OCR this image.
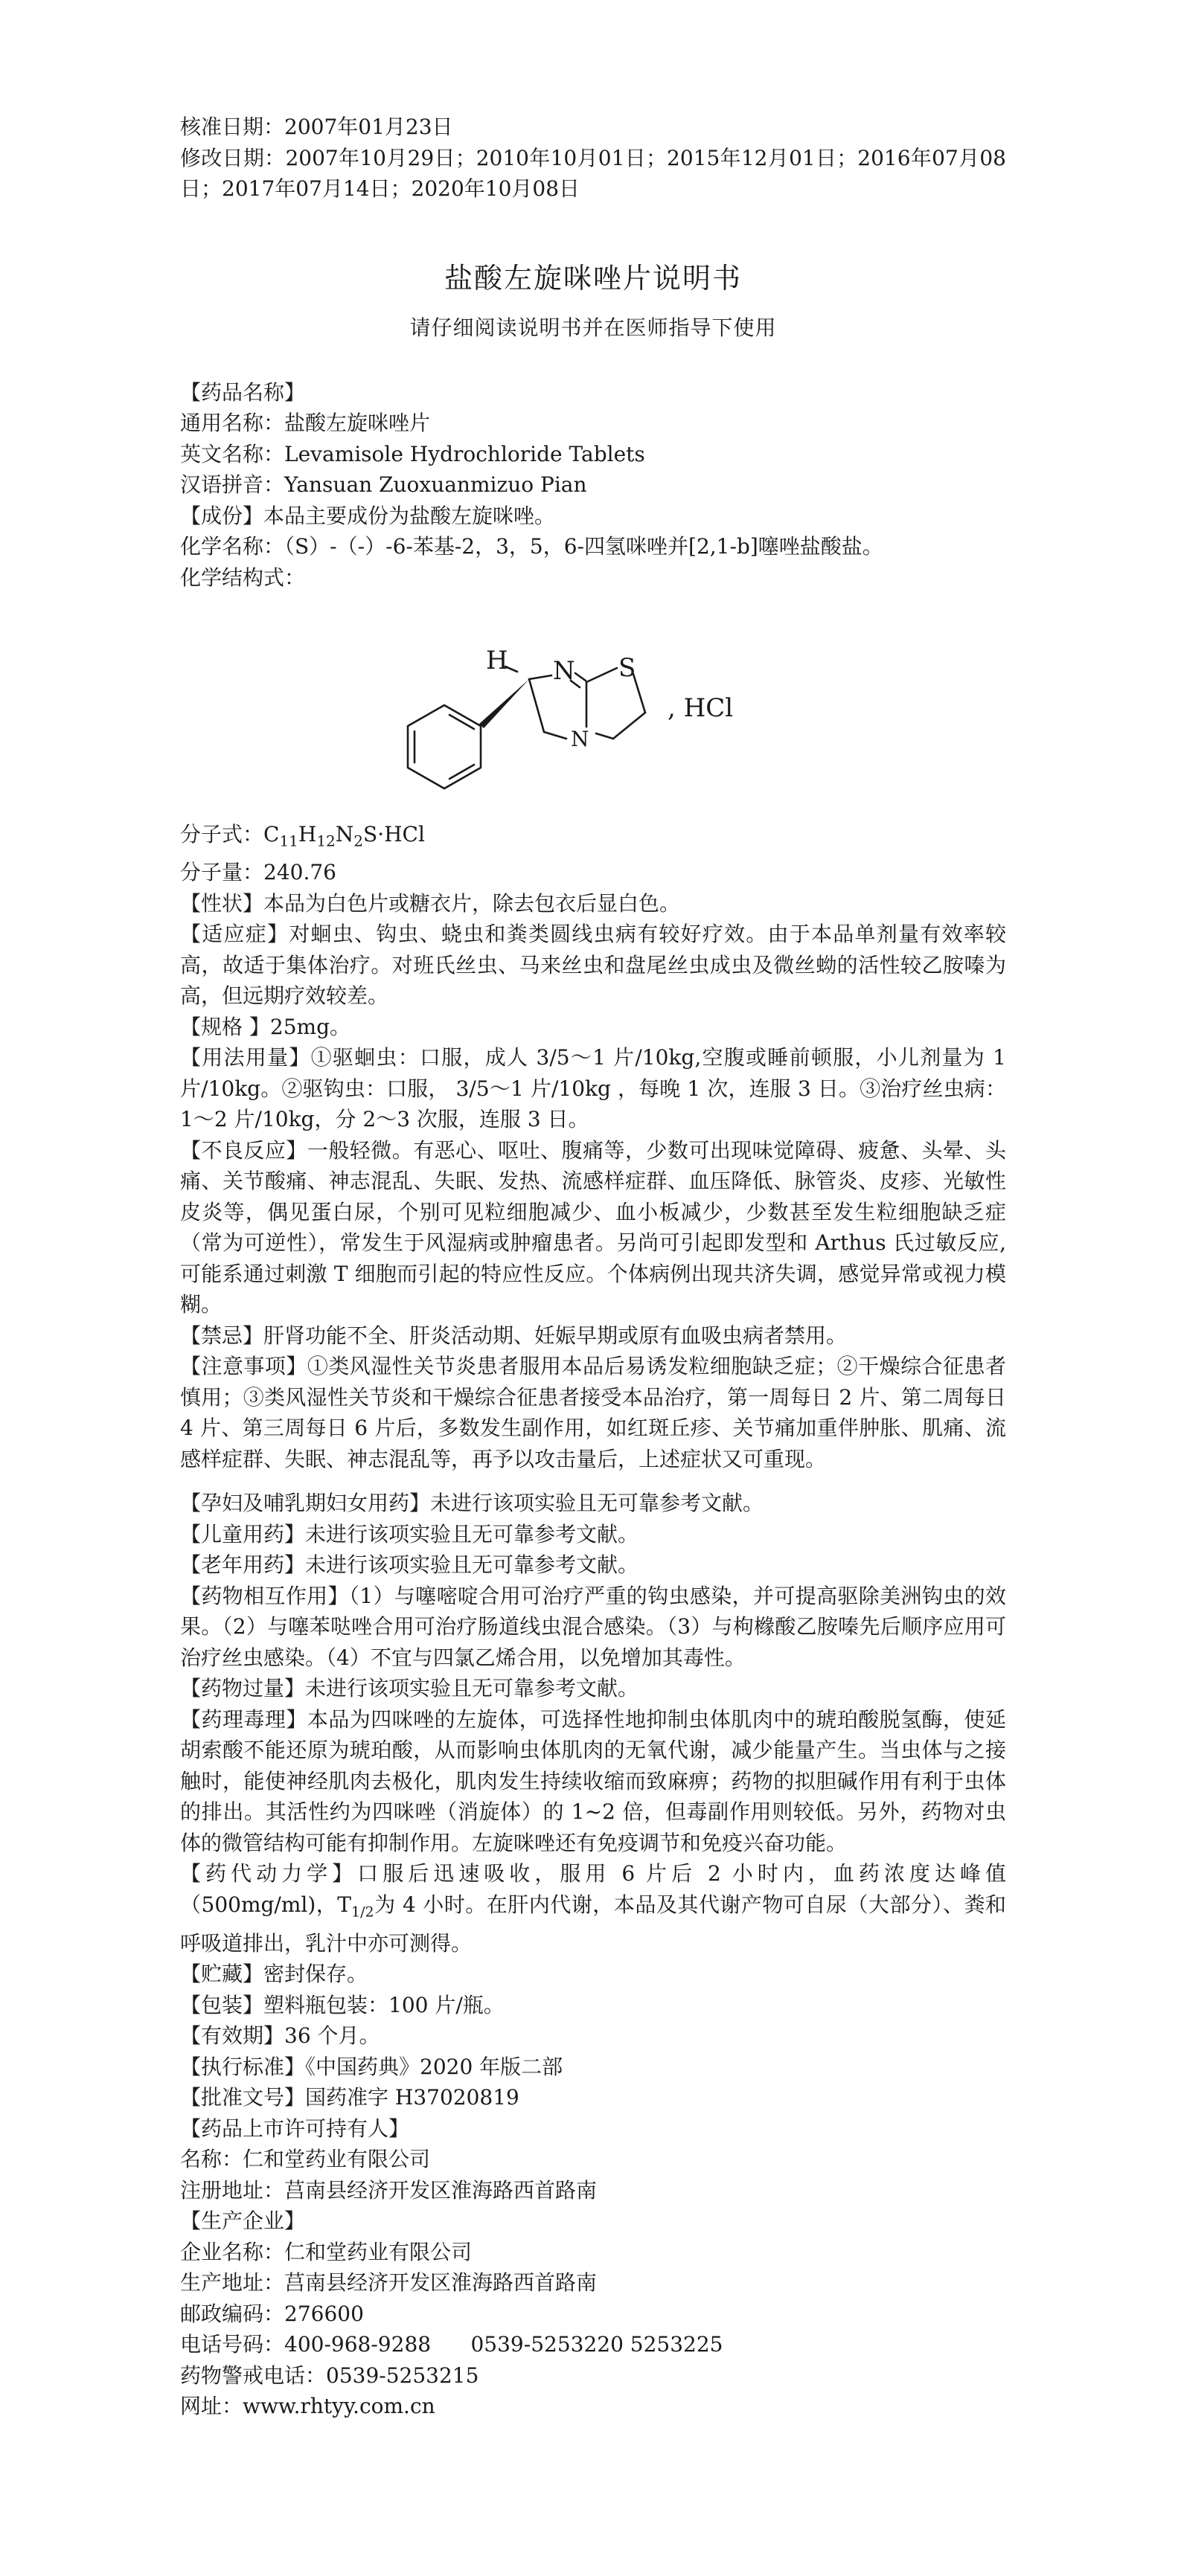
核准日期：2007年01月23日

修改日期：2007年10月29日；2010年10月01日；2015年12月01日；2016年07月08日；2017年07月14日；2020年10月08日

盐酸左旋咪唑片说明书
请仔细阅读说明书并在医师指导下使用

【药品名称】

通用名称：盐酸左旋咪唑片

英文名称：Levamisole Hydrochloride Tablets

汉语拼音：Yansuan Zuoxuanmizuo Pian

【成份】本品主要成份为盐酸左旋咪唑。

化学名称：（S）-（-）-6-苯基-2，3，5，6-四氢咪唑并[2,1-b]噻唑盐酸盐。

化学结构式：

H N S
N
, HCl

分子式：$C_{11}H_{12}N_2S\cdot HCl$

分子量：240.76

【性状】本品为白色片或糖衣片，除去包衣后显白色。

【适应症】对蛔虫、钩虫、蛲虫和粪类圆线虫病有较好疗效。由于本品单剂量有效率较高，故适于集体治疗。对班氏丝虫、马来丝虫和盘尾丝虫成虫及微丝蚴的活性较乙胺嗪为高，但远期疗效较差。

【规格 】25mg。

【用法用量】①驱蛔虫：口服，成人 3/5～1 片/10kg,空腹或睡前顿服，小儿剂量为 1 片/10kg。②驱钩虫：口服， 3/5～1 片/10kg ，每晚 1 次，连服 3 日。③治疗丝虫病：1～2 片/10kg，分 2～3 次服，连服 3 日。

【不良反应】一般轻微。有恶心、呕吐、腹痛等，少数可出现味觉障碍、疲惫、头晕、头痛、关节酸痛、神志混乱、失眠、发热、流感样症群、血压降低、脉管炎、皮疹、光敏性皮炎等，偶见蛋白尿，个别可见粒细胞减少、血小板减少，少数甚至发生粒细胞缺乏症（常为可逆性），常发生于风湿病或肿瘤患者。另尚可引起即发型和 Arthus 氏过敏反应,可能系通过刺激 T 细胞而引起的特应性反应。个体病例出现共济失调，感觉异常或视力模糊。

【禁忌】肝肾功能不全、肝炎活动期、妊娠早期或原有血吸虫病者禁用。

【注意事项】①类风湿性关节炎患者服用本品后易诱发粒细胞缺乏症；②干燥综合征患者慎用；③类风湿性关节炎和干燥综合征患者接受本品治疗，第一周每日 2 片、第二周每日 4 片、第三周每日 6 片后，多数发生副作用，如红斑丘疹、关节痛加重伴肿胀、肌痛、流感样症群、失眠、神志混乱等，再予以攻击量后，上述症状又可重现。

【孕妇及哺乳期妇女用药】未进行该项实验且无可靠参考文献。

【儿童用药】未进行该项实验且无可靠参考文献。

【老年用药】未进行该项实验且无可靠参考文献。

【药物相互作用】（1）与噻嘧啶合用可治疗严重的钩虫感染，并可提高驱除美洲钩虫的效果。（2）与噻苯哒唑合用可治疗肠道线虫混合感染。（3）与枸橼酸乙胺嗪先后顺序应用可治疗丝虫感染。（4）不宜与四氯乙烯合用，以免增加其毒性。

【药物过量】未进行该项实验且无可靠参考文献。

【药理毒理】本品为四咪唑的左旋体，可选择性地抑制虫体肌肉中的琥珀酸脱氢酶，使延胡索酸不能还原为琥珀酸，从而影响虫体肌肉的无氧代谢，减少能量产生。当虫体与之接触时，能使神经肌肉去极化，肌肉发生持续收缩而致麻痹；药物的拟胆碱作用有利于虫体的排出。其活性约为四咪唑（消旋体）的 1~2 倍，但毒副作用则较低。另外，药物对虫体的微管结构可能有抑制作用。左旋咪唑还有免疫调节和免疫兴奋功能。

【药代动力学】口服后迅速吸收，服用 6 片后 2 小时内，血药浓度达峰值（500mg/ml)，$T_{1/2}$为 4 小时。在肝内代谢，本品及其代谢产物可自尿（大部分）、粪和呼吸道排出，乳汁中亦可测得。

【贮藏】密封保存。

【包装】塑料瓶包装：100 片/瓶。

【有效期】36 个月。

【执行标准】《中国药典》2020 年版二部

【批准文号】国药准字 H37020819

【药品上市许可持有人】

名称：仁和堂药业有限公司

注册地址：莒南县经济开发区淮海路西首路南

【生产企业】

企业名称：仁和堂药业有限公司

生产地址：莒南县经济开发区淮海路西首路南

邮政编码：276600

电话号码：400-968-9288      0539-5253220 5253225

药物警戒电话：0539-5253215

网址：www.rhtyy.com.cn
